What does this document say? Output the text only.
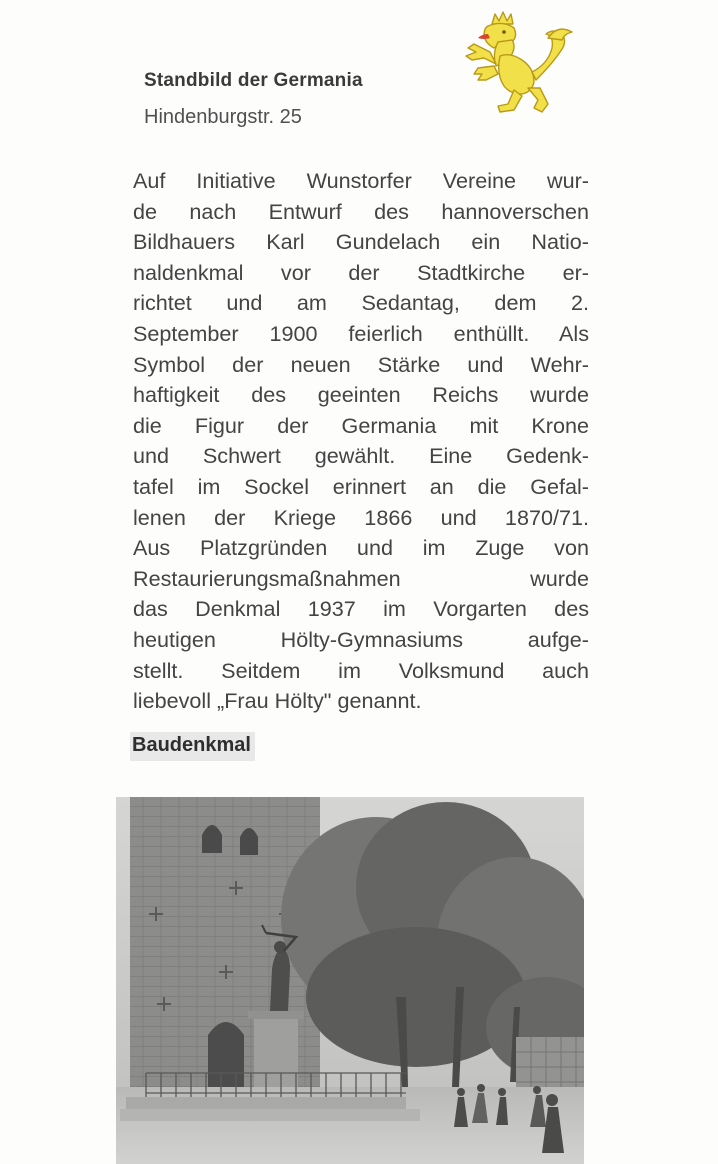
Standbild der Germania
Hindenburgstr. 25
Auf Initiative Wunstorfer Vereine wur-
de nach Entwurf des hannoverschen
Bildhauers Karl Gundelach ein Natio-
naldenkmal vor der Stadtkirche er-
richtet und am Sedantag, dem 2.
September 1900 feierlich enthüllt. Als
Symbol der neuen Stärke und Wehr-
haftigkeit des geeinten Reichs wurde
die Figur der Germania mit Krone
und Schwert gewählt. Eine Gedenk-
tafel im Sockel erinnert an die Gefal-
lenen der Kriege 1866 und 1870/71.
Aus Platzgründen und im Zuge von
Restaurierungsmaßnahmen wurde
das Denkmal 1937 im Vorgarten des
heutigen Hölty-Gymnasiums aufge-
stellt. Seitdem im Volksmund auch
liebevoll „Frau Hölty" genannt.
Baudenkmal
